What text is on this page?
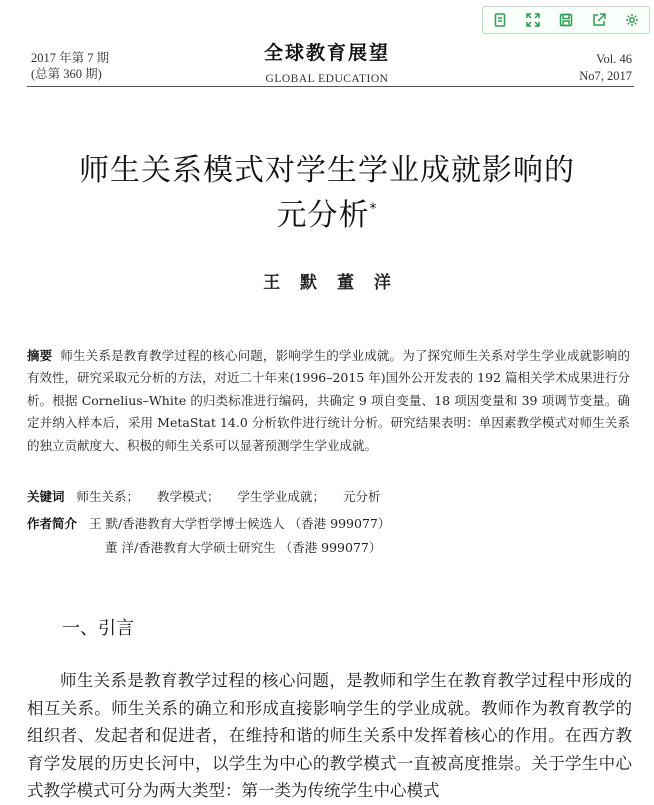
2017 年第 7 期
(总第 360 期)
全球教育展望
GLOBAL EDUCATION
Vol. 46
No7, 2017
师生关系模式对学生学业成就影响的
元分析*
王 默 董 洋
摘要 师生关系是教育教学过程的核心问题，影响学生的学业成就。为了探究师生关系对学生学业成就影响的有效性，研究采取元分析的方法，对近二十年来(1996–2015 年)国外公开发表的 192 篇相关学术成果进行分析。根据 Cornelius–White 的归类标准进行编码，共确定 9 项自变量、18 项因变量和 39 项调节变量。确定并纳入样本后，采用 MetaStat 14.0 分析软件进行统计分析。研究结果表明：单因素教学模式对师生关系的独立贡献度大、积极的师生关系可以显著预测学生学业成就。
关键词 师生关系； 教学模式； 学生学业成就； 元分析
作者简介 王 默/香港教育大学哲学博士候选人 （香港 999077）
董 洋/香港教育大学硕士研究生 （香港 999077）
一、引言
师生关系是教育教学过程的核心问题，是教师和学生在教育教学过程中形成的相互关系。师生关系的确立和形成直接影响学生的学业成就。教师作为教育教学的组织者、发起者和促进者，在维持和谐的师生关系中发挥着核心的作用。在西方教育学发展的历史长河中，以学生为中心的教学模式一直被高度推崇。关于学生中心式教学模式可分为两大类型：第一类为传统学生中心模式
